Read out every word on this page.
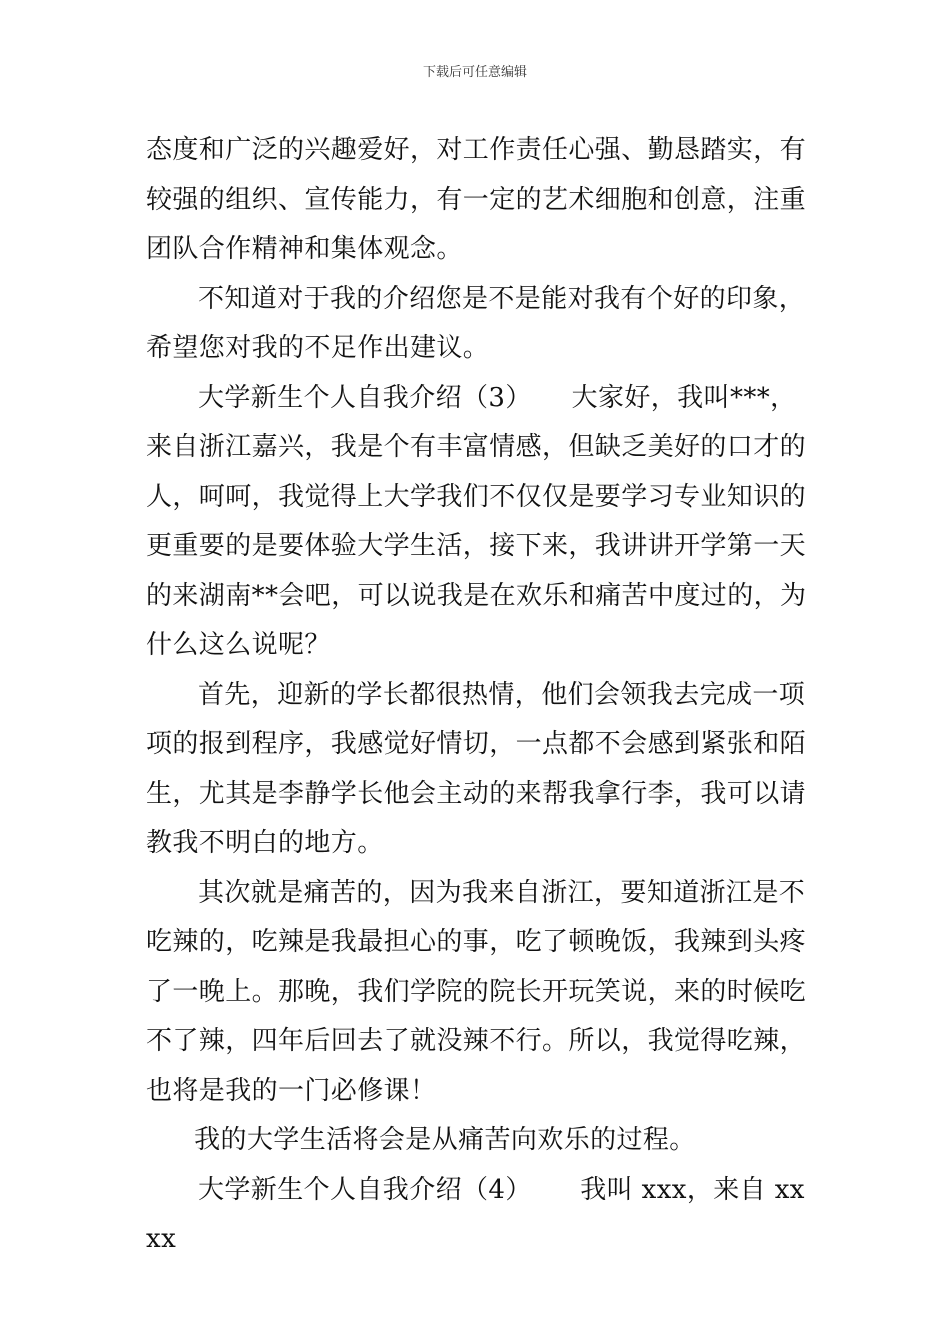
下载后可任意编辑

态度和广泛的兴趣爱好，对工作责任心强、勤恳踏实，有较强的组织、宣传能力，有一定的艺术细胞和创意，注重团队合作精神和集体观念。

不知道对于我的介绍您是不是能对我有个好的印象，希望您对我的不足作出建议。

大学新生个人自我介绍（3）　　大家好，我叫***，来自浙江嘉兴，我是个有丰富情感，但缺乏美好的口才的人，呵呵，我觉得上大学我们不仅仅是要学习专业知识的更重要的是要体验大学生活，接下来，我讲讲开学第一天的来湖南**会吧，可以说我是在欢乐和痛苦中度过的，为什么这么说呢？

首先，迎新的学长都很热情，他们会领我去完成一项项的报到程序，我感觉好情切，一点都不会感到紧张和陌生，尤其是李静学长他会主动的来帮我拿行李，我可以请教我不明白的地方。

其次就是痛苦的，因为我来自浙江，要知道浙江是不吃辣的，吃辣是我最担心的事，吃了顿晚饭，我辣到头疼了一晚上。那晚，我们学院的院长开玩笑说，来的时候吃不了辣，四年后回去了就没辣不行。所以，我觉得吃辣，也将是我的一门必修课！

我的大学生活将会是从痛苦向欢乐的过程。

大学新生个人自我介绍（4）　　 我叫 xxx，来自 xxxx
